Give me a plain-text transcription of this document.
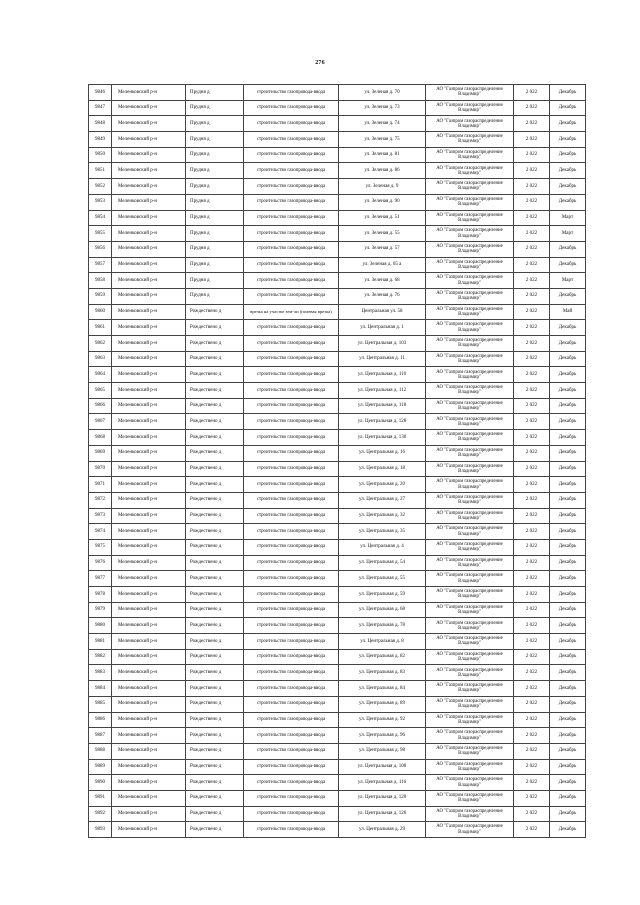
276
9846	Меленковский р-н	Прудня д	строительство газопровода-ввода	ул. Зеленая д. 70	АО "Газпром газораспределение Владимир"	2 022	Декабрь
9847	Меленковский р-н	Прудня д	строительство газопровода-ввода	ул. Зеленая д. 73	АО "Газпром газораспределение Владимир"	2 022	Декабрь
9848	Меленковский р-н	Прудня д	строительство газопровода-ввода	ул. Зеленая д. 74	АО "Газпром газораспределение Владимир"	2 022	Декабрь
9849	Меленковский р-н	Прудня д	строительство газопровода-ввода	ул. Зеленая д. 75	АО "Газпром газораспределение Владимир"	2 022	Декабрь
9850	Меленковский р-н	Прудня д	строительство газопровода-ввода	ул. Зеленая д. 81	АО "Газпром газораспределение Владимир"	2 022	Декабрь
9851	Меленковский р-н	Прудня д	строительство газопровода-ввода	ул. Зеленая д. 86	АО "Газпром газораспределение Владимир"	2 022	Декабрь
9852	Меленковский р-н	Прудня д	строительство газопровода-ввода	ул. Зеленая д. 9	АО "Газпром газораспределение Владимир"	2 022	Декабрь
9853	Меленковский р-н	Прудня д	строительство газопровода-ввода	ул. Зеленая д. 90	АО "Газпром газораспределение Владимир"	2 022	Декабрь
9854	Меленковский р-н	Прудня д	строительство газопровода-ввода	ул. Зеленая д. 51	АО "Газпром газораспределение Владимир"	2 022	Март
9855	Меленковский р-н	Прудня д	строительство газопровода-ввода	ул. Зеленая д. 55	АО "Газпром газораспределение Владимир"	2 022	Март
9856	Меленковский р-н	Прудня д	строительство газопровода-ввода	ул. Зеленая д. 57	АО "Газпром газораспределение Владимир"	2 022	Декабрь
9857	Меленковский р-н	Прудня д	строительство газопровода-ввода	ул. Зеленая д. 65 а	АО "Газпром газораспределение Владимир"	2 022	Декабрь
9858	Меленковский р-н	Прудня д	строительство газопровода-ввода	ул. Зеленая д. 68	АО "Газпром газораспределение Владимир"	2 022	Март
9859	Меленковский р-н	Прудня д	строительство газопровода-ввода	ул. Зеленая д. 76	АО "Газпром газораспределение Владимир"	2 022	Декабрь
9860	Меленковский р-н	Рождествено д	врезка на участке зем-ли (полевая врезка)	Центральная ул. 58	АО "Газпром газораспределение Владимир"	2 022	Май
9861	Меленковский р-н	Рождествено д	строительство газопровода-ввода	ул. Центральная д. 1	АО "Газпром газораспределение Владимир"	2 022	Декабрь
9862	Меленковский р-н	Рождествено д	строительство газопровода-ввода	ул. Центральная д. 103	АО "Газпром газораспределение Владимир"	2 022	Декабрь
9863	Меленковский р-н	Рождествено д	строительство газопровода-ввода	ул. Центральная д. 11	АО "Газпром газораспределение Владимир"	2 022	Декабрь
9864	Меленковский р-н	Рождествено д	строительство газопровода-ввода	ул. Центральная д. 110	АО "Газпром газораспределение Владимир"	2 022	Декабрь
9865	Меленковский р-н	Рождествено д	строительство газопровода-ввода	ул. Центральная д. 112	АО "Газпром газораспределение Владимир"	2 022	Декабрь
9866	Меленковский р-н	Рождествено д	строительство газопровода-ввода	ул. Центральная д. 118	АО "Газпром газораспределение Владимир"	2 022	Декабрь
9867	Меленковский р-н	Рождествено д	строительство газопровода-ввода	ул. Центральная д. 128	АО "Газпром газораспределение Владимир"	2 022	Декабрь
9868	Меленковский р-н	Рождествено д	строительство газопровода-ввода	ул. Центральная д. 130	АО "Газпром газораспределение Владимир"	2 022	Декабрь
9869	Меленковский р-н	Рождествено д	строительство газопровода-ввода	ул. Центральная д. 16	АО "Газпром газораспределение Владимир"	2 022	Декабрь
9870	Меленковский р-н	Рождествено д	строительство газопровода-ввода	ул. Центральная д. 18	АО "Газпром газораспределение Владимир"	2 022	Декабрь
9871	Меленковский р-н	Рождествено д	строительство газопровода-ввода	ул. Центральная д. 20	АО "Газпром газораспределение Владимир"	2 022	Декабрь
9872	Меленковский р-н	Рождествено д	строительство газопровода-ввода	ул. Центральная д. 27	АО "Газпром газораспределение Владимир"	2 022	Декабрь
9873	Меленковский р-н	Рождествено д	строительство газопровода-ввода	ул. Центральная д. 32	АО "Газпром газораспределение Владимир"	2 022	Декабрь
9874	Меленковский р-н	Рождествено д	строительство газопровода-ввода	ул. Центральная д. 35	АО "Газпром газораспределение Владимир"	2 022	Декабрь
9875	Меленковский р-н	Рождествено д	строительство газопровода-ввода	ул. Центральная д. 4	АО "Газпром газораспределение Владимир"	2 022	Декабрь
9876	Меленковский р-н	Рождествено д	строительство газопровода-ввода	ул. Центральная д. 54	АО "Газпром газораспределение Владимир"	2 022	Декабрь
9877	Меленковский р-н	Рождествено д	строительство газопровода-ввода	ул. Центральная д. 55	АО "Газпром газораспределение Владимир"	2 022	Декабрь
9878	Меленковский р-н	Рождествено д	строительство газопровода-ввода	ул. Центральная д. 59	АО "Газпром газораспределение Владимир"	2 022	Декабрь
9879	Меленковский р-н	Рождествено д	строительство газопровода-ввода	ул. Центральная д. 68	АО "Газпром газораспределение Владимир"	2 022	Декабрь
9880	Меленковский р-н	Рождествено д	строительство газопровода-ввода	ул. Центральная д. 78	АО "Газпром газораспределение Владимир"	2 022	Декабрь
9881	Меленковский р-н	Рождествено д	строительство газопровода-ввода	ул. Центральная д. 8	АО "Газпром газораспределение Владимир"	2 022	Декабрь
9882	Меленковский р-н	Рождествено д	строительство газопровода-ввода	ул. Центральная д. 82	АО "Газпром газораспределение Владимир"	2 022	Декабрь
9883	Меленковский р-н	Рождествено д	строительство газопровода-ввода	ул. Центральная д. 83	АО "Газпром газораспределение Владимир"	2 022	Декабрь
9884	Меленковский р-н	Рождествено д	строительство газопровода-ввода	ул. Центральная д. 84	АО "Газпром газораспределение Владимир"	2 022	Декабрь
9885	Меленковский р-н	Рождествено д	строительство газопровода-ввода	ул. Центральная д. 89	АО "Газпром газораспределение Владимир"	2 022	Декабрь
9886	Меленковский р-н	Рождествено д	строительство газопровода-ввода	ул. Центральная д. 92	АО "Газпром газораспределение Владимир"	2 022	Декабрь
9887	Меленковский р-н	Рождествено д	строительство газопровода-ввода	ул. Центральная д. 96	АО "Газпром газораспределение Владимир"	2 022	Декабрь
9888	Меленковский р-н	Рождествено д	строительство газопровода-ввода	ул. Центральная д. 98	АО "Газпром газораспределение Владимир"	2 022	Декабрь
9889	Меленковский р-н	Рождествено д	строительство газопровода-ввода	ул. Центральная д. 100	АО "Газпром газораспределение Владимир"	2 022	Декабрь
9890	Меленковский р-н	Рождествено д	строительство газопровода-ввода	ул. Центральная д. 116	АО "Газпром газораспределение Владимир"	2 022	Декабрь
9891	Меленковский р-н	Рождествено д	строительство газопровода-ввода	ул. Центральная д. 120	АО "Газпром газораспределение Владимир"	2 022	Декабрь
9892	Меленковский р-н	Рождествено д	строительство газопровода-ввода	ул. Центральная д. 126	АО "Газпром газораспределение Владимир"	2 022	Декабрь
9893	Меленковский р-н	Рождествено д	строительство газопровода-ввода	ул. Центральная д. 29	АО "Газпром газораспределение Владимир"	2 022	Декабрь
